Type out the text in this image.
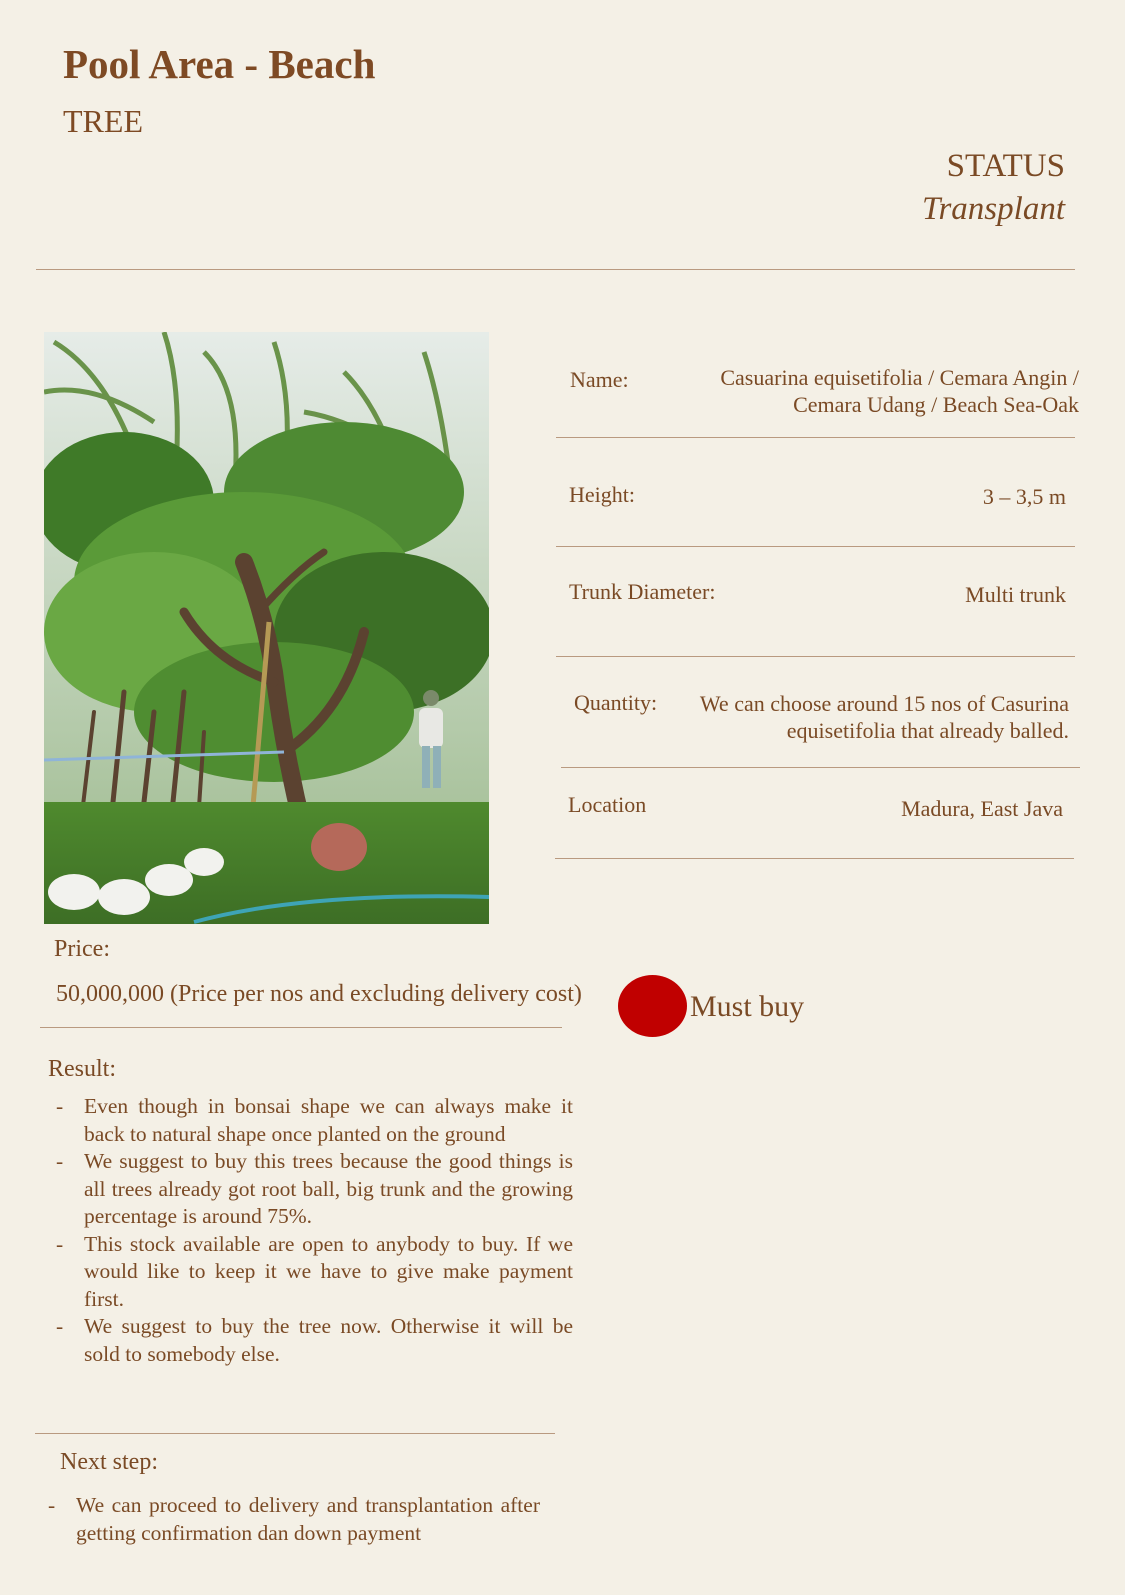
Pool Area - Beach
TREE
STATUS
Transplant
Name:	Casuarina equisetifolia / Cemara Angin /
Cemara Udang / Beach Sea-Oak
Height:	3 – 3,5 m
Trunk Diameter:	Multi trunk
Quantity:	We can choose around 15 nos of Casurina
equisetifolia that already balled.
Location	Madura, East Java
Price:
50,000,000 (Price per nos and excluding delivery cost)	Must buy
Result:
- Even though in bonsai shape we can always make it back to natural shape once planted on the ground
- We suggest to buy this trees because the good things is all trees already got root ball, big trunk and the growing percentage is around 75%.
- This stock available are open to anybody to buy. If we would like to keep it we have to give make payment first.
- We suggest to buy the tree now. Otherwise it will be sold to somebody else.
Next step:
- We can proceed to delivery and transplantation after getting confirmation dan down payment
